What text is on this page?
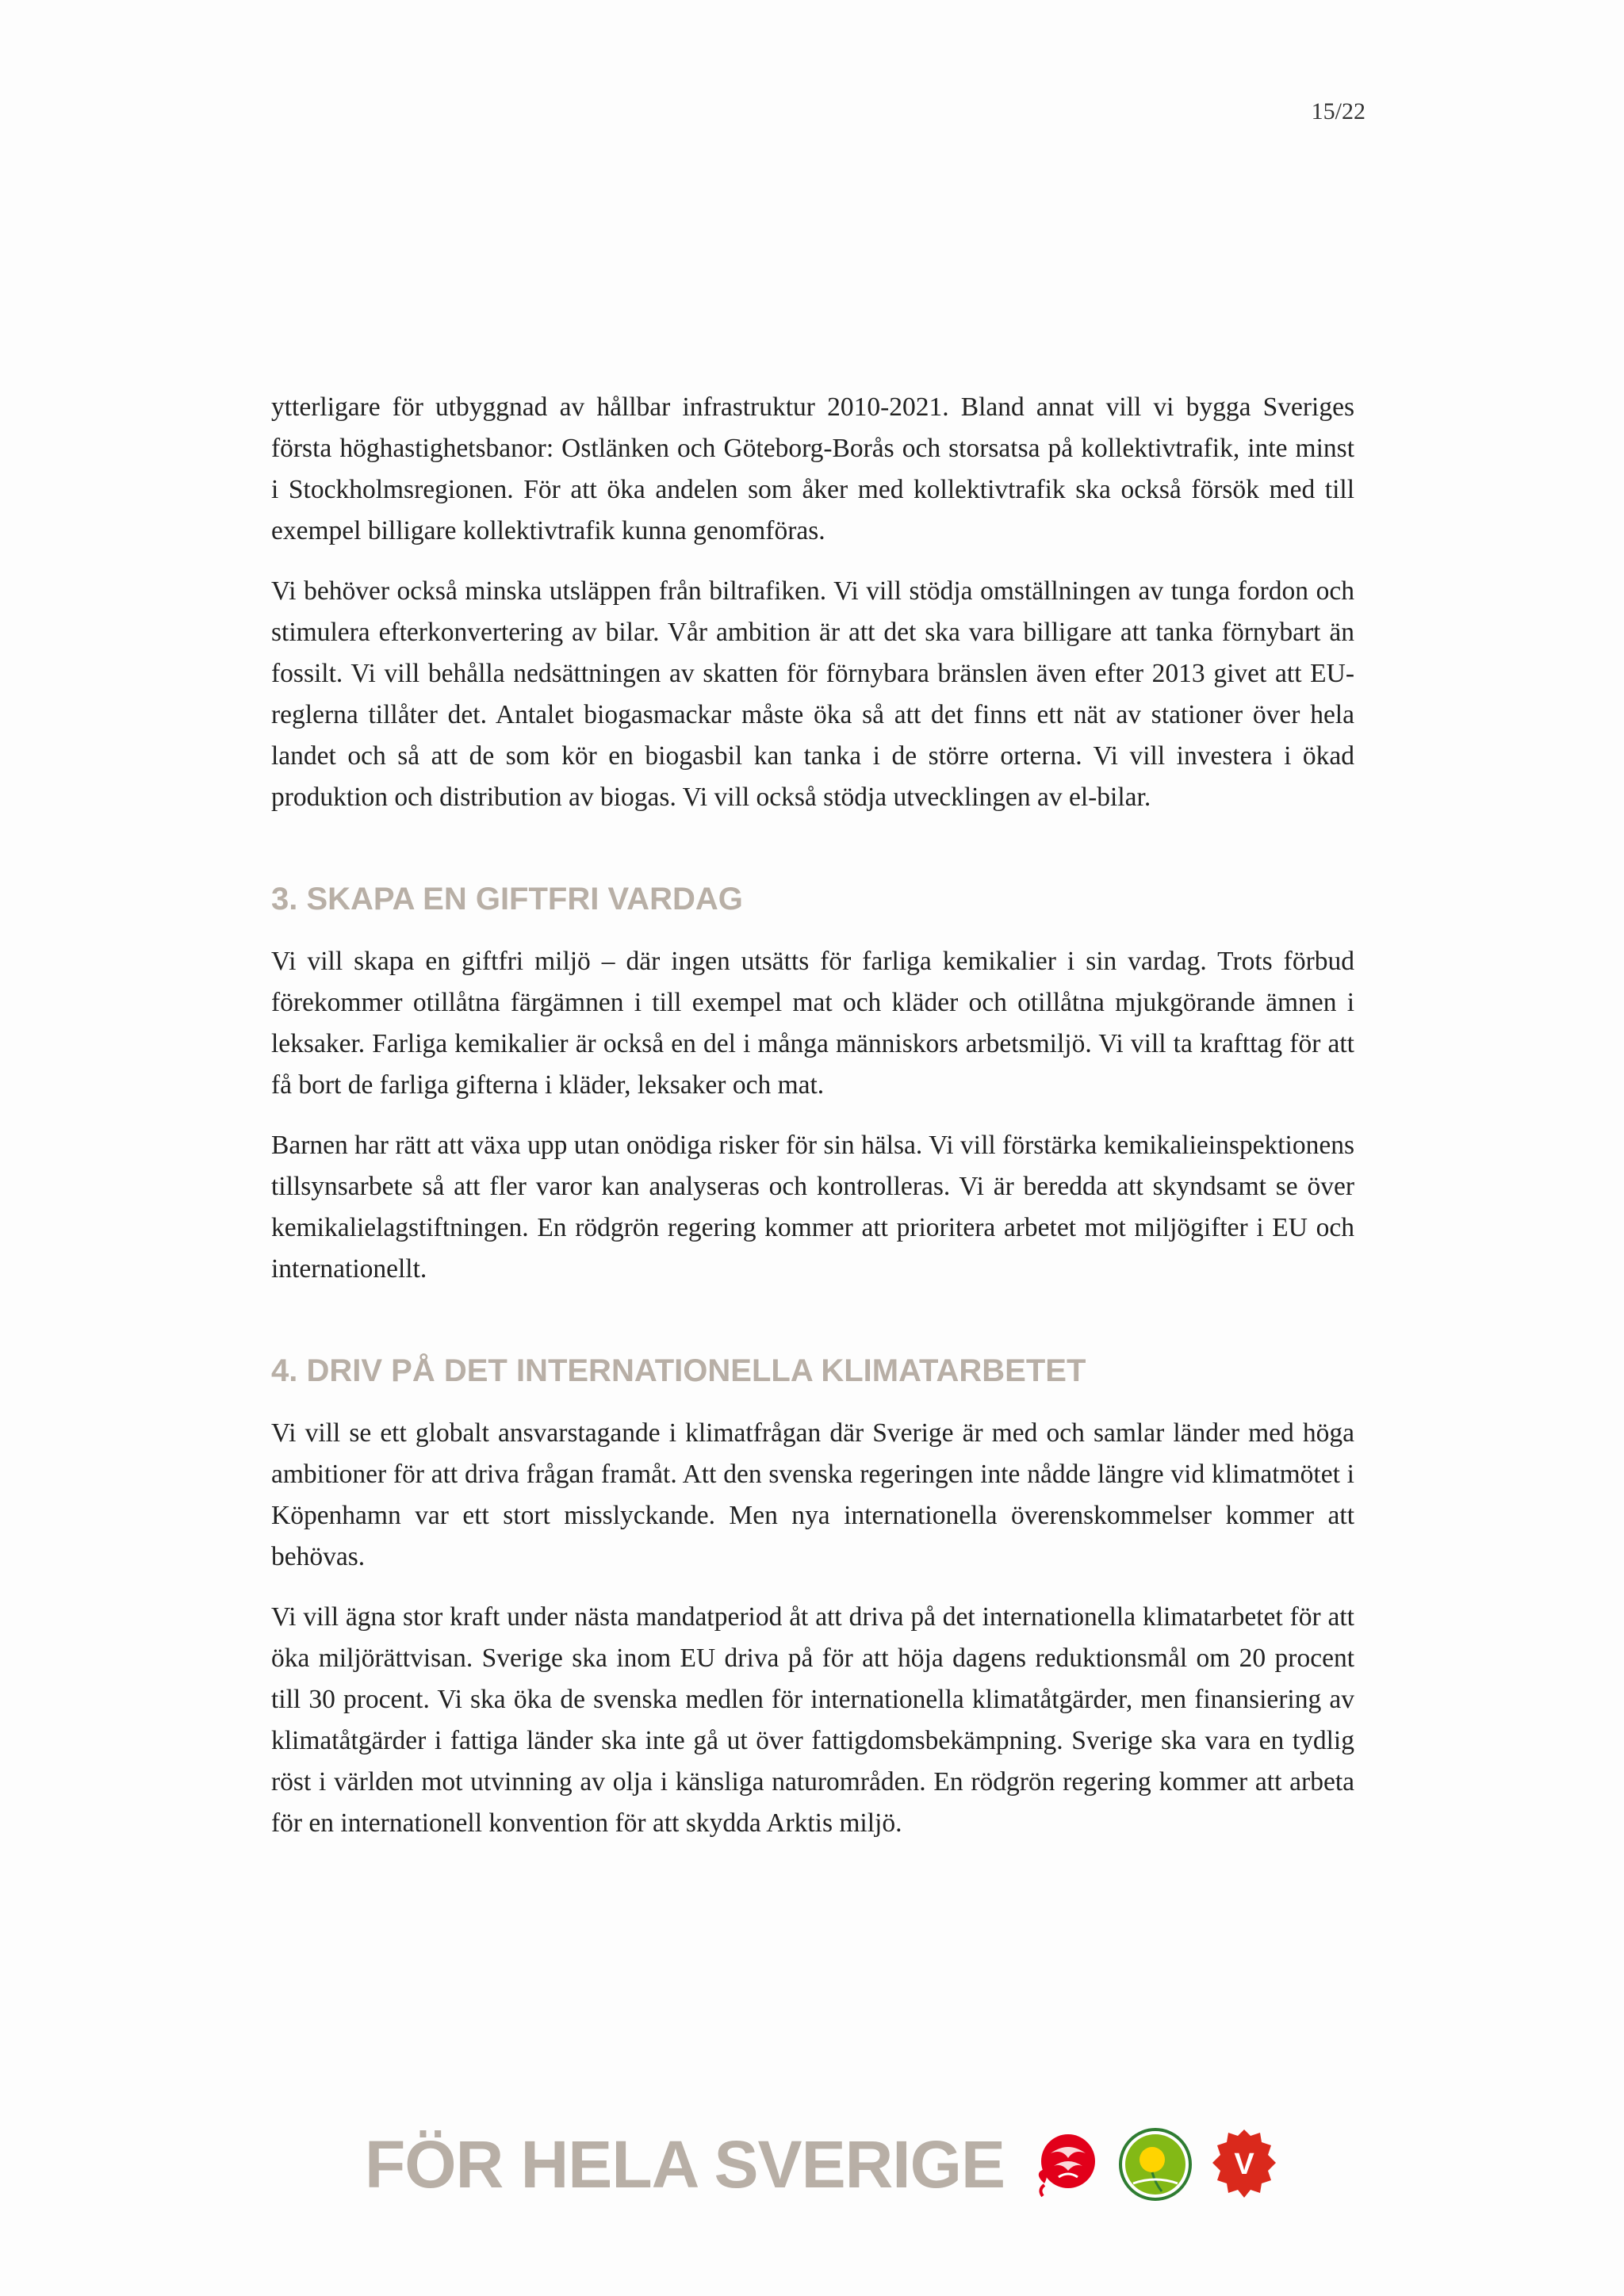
15/22

ytterligare för utbyggnad av hållbar infrastruktur 2010-2021. Bland annat vill vi bygga Sveriges första höghastighetsbanor: Ostlänken och Göteborg-Borås och storsatsa på kollektivtrafik, inte minst i Stockholmsregionen. För att öka andelen som åker med kollektivtrafik ska också försök med till exempel billigare kollektivtrafik kunna genomföras.

Vi behöver också minska utsläppen från biltrafiken. Vi vill stödja omställningen av tunga fordon och stimulera efterkonvertering av bilar. Vår ambition är att det ska vara billigare att tanka förnybart än fossilt. Vi vill behålla nedsättningen av skatten för förnybara bränslen även efter 2013 givet att EU-reglerna tillåter det. Antalet biogasmackar måste öka så att det finns ett nät av stationer över hela landet och så att de som kör en biogasbil kan tanka i de större orterna. Vi vill investera i ökad produktion och distribution av biogas. Vi vill också stödja utvecklingen av el-bilar.

3. SKAPA EN GIFTFRI VARDAG

Vi vill skapa en giftfri miljö – där ingen utsätts för farliga kemikalier i sin vardag. Trots förbud förekommer otillåtna färgämnen i till exempel mat och kläder och otillåtna mjukgörande ämnen i leksaker. Farliga kemikalier är också en del i många människors arbetsmiljö. Vi vill ta krafttag för att få bort de farliga gifterna i kläder, leksaker och mat.

Barnen har rätt att växa upp utan onödiga risker för sin hälsa. Vi vill förstärka kemikalieinspektionens tillsynsarbete så att fler varor kan analyseras och kontrolleras. Vi är beredda att skyndsamt se över kemikalielagstiftningen. En rödgrön regering kommer att prioritera arbetet mot miljögifter i EU och internationellt.

4. DRIV PÅ DET INTERNATIONELLA KLIMATARBETET

Vi vill se ett globalt ansvarstagande i klimatfrågan där Sverige är med och samlar länder med höga ambitioner för att driva frågan framåt. Att den svenska regeringen inte nådde längre vid klimatmötet i Köpenhamn var ett stort misslyckande. Men nya internationella överenskommelser kommer att behövas.

Vi vill ägna stor kraft under nästa mandatperiod åt att driva på det internationella klimatarbetet för att öka miljörättvisan. Sverige ska inom EU driva på för att höja dagens reduktionsmål om 20 procent till 30 procent. Vi ska öka de svenska medlen för internationella klimatåtgärder, men finansiering av klimatåtgärder i fattiga länder ska inte gå ut över fattigdomsbekämpning. Sverige ska vara en tydlig röst i världen mot utvinning av olja i känsliga naturområden. En rödgrön regering kommer att arbeta för en internationell konvention för att skydda Arktis miljö.

FÖR HELA SVERIGE	V
